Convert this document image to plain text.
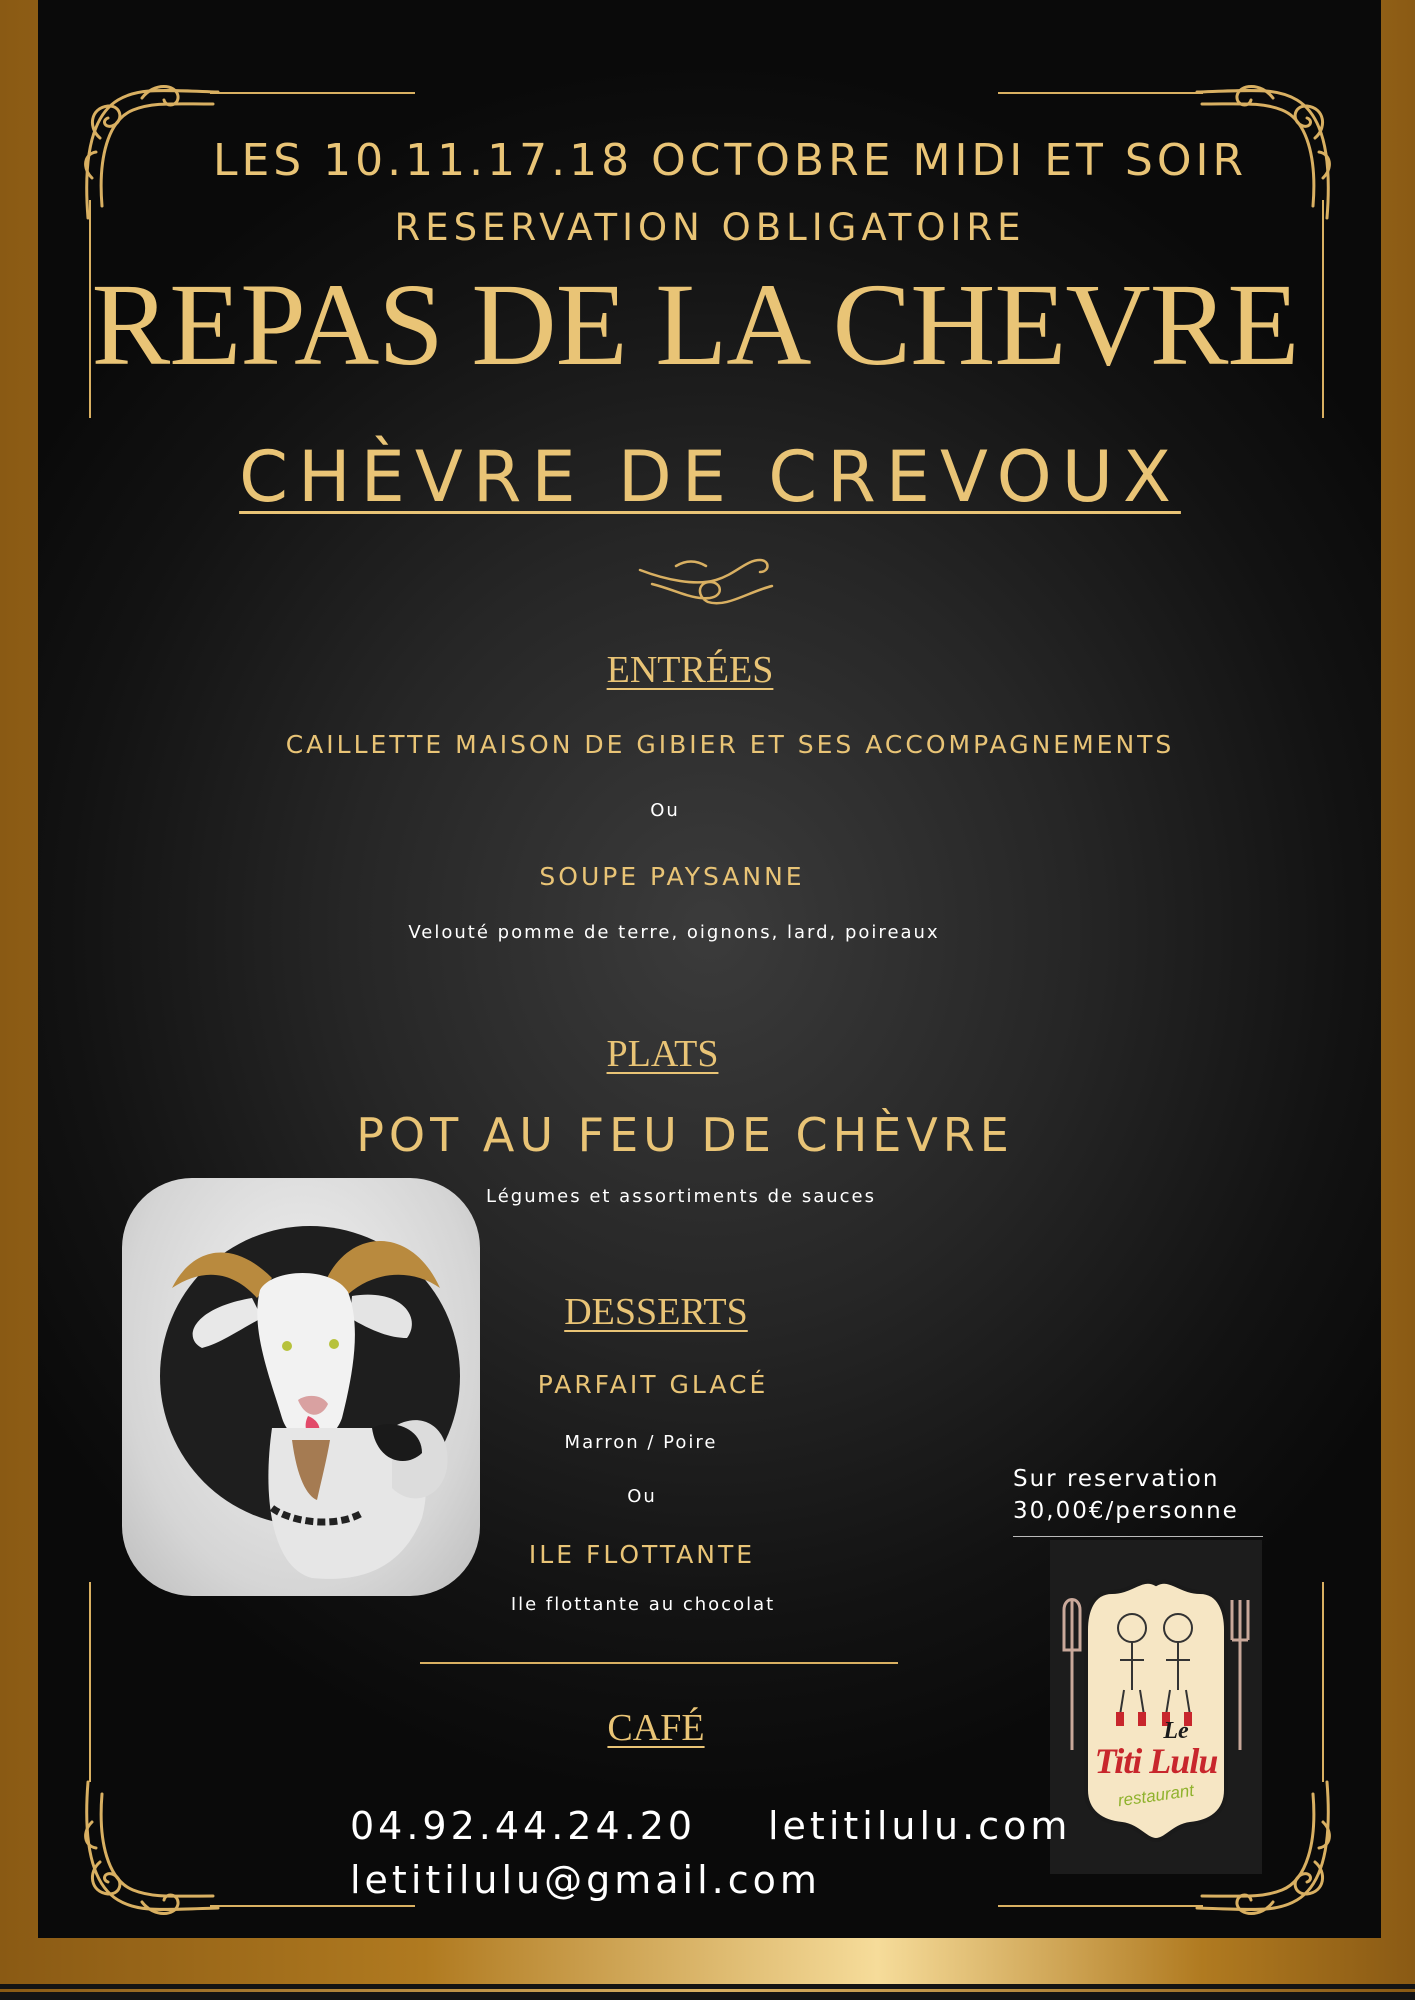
LES 10.11.17.18 OCTOBRE MIDI ET SOIR
RESERVATION OBLIGATOIRE
REPAS DE LA CHEVRE
CHÈVRE DE CREVOUX
ENTRÉES
CAILLETTE MAISON DE GIBIER ET SES ACCOMPAGNEMENTS
Ou
SOUPE PAYSANNE
Velouté pomme de terre, oignons, lard, poireaux
PLATS
POT AU FEU DE CHÈVRE
Légumes et assortiments de sauces
DESSERTS
PARFAIT GLACÉ
Marron / Poire
Ou
ILE FLOTTANTE
Ile flottante au chocolat
CAFÉ
Sur reservation
30,00€/personne
Le
Titi Lulu
restaurant
04.92.44.24.20	letitilulu.com
letitilulu@gmail.com
